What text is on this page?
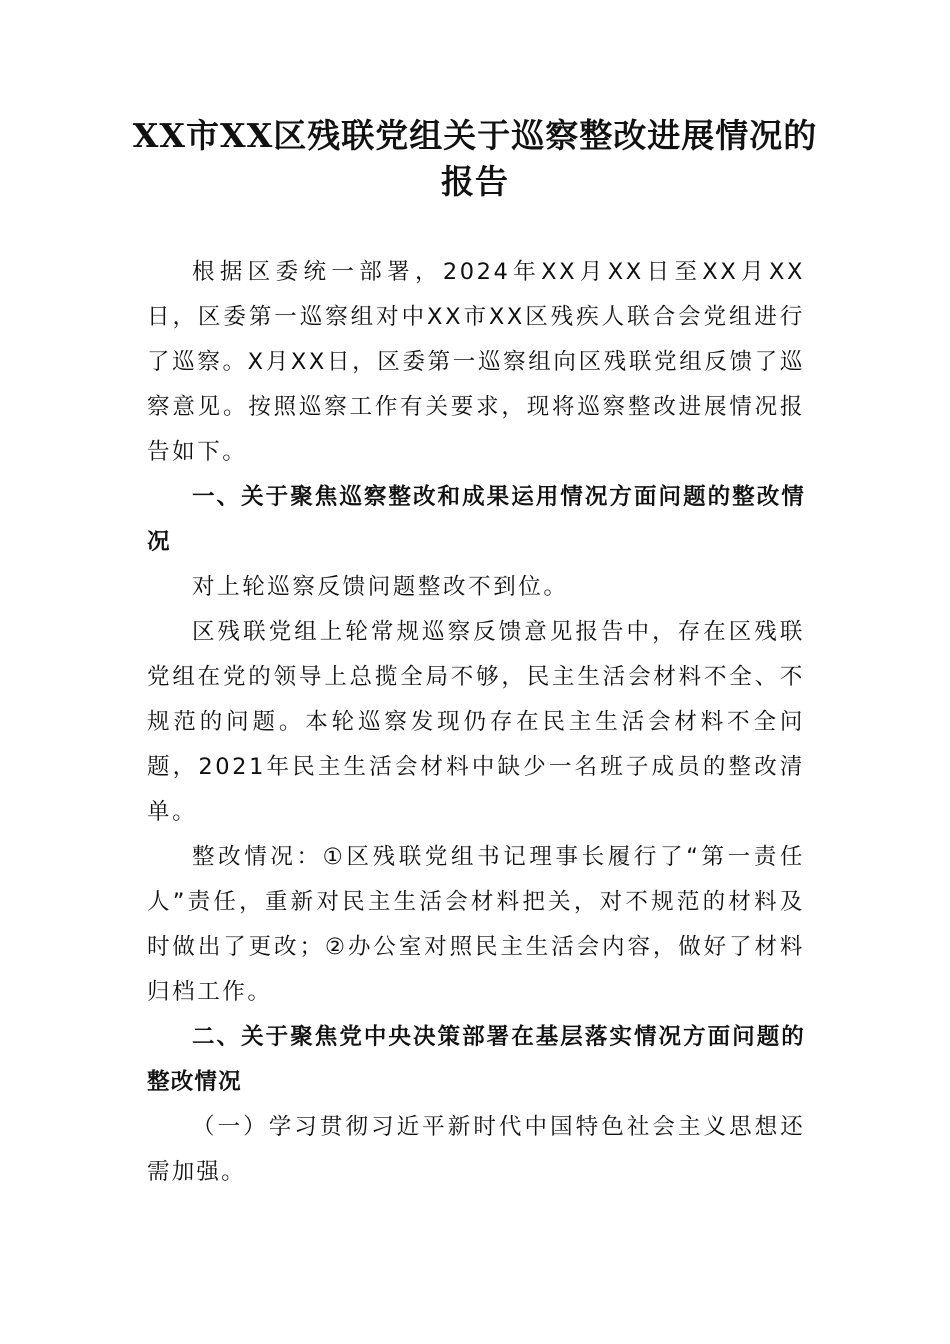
XX市XX区残联党组关于巡察整改进展情况的报告

根据区委统一部署，2024年XX月XX日至XX月XX日，区委第一巡察组对中XX市XX区残疾人联合会党组进行了巡察。X月XX日，区委第一巡察组向区残联党组反馈了巡察意见。按照巡察工作有关要求，现将巡察整改进展情况报告如下。

一、关于聚焦巡察整改和成果运用情况方面问题的整改情况

对上轮巡察反馈问题整改不到位。

区残联党组上轮常规巡察反馈意见报告中，存在区残联党组在党的领导上总揽全局不够，民主生活会材料不全、不规范的问题。本轮巡察发现仍存在民主生活会材料不全问题，2021年民主生活会材料中缺少一名班子成员的整改清单。

整改情况：①区残联党组书记理事长履行了“第一责任人”责任，重新对民主生活会材料把关，对不规范的材料及时做出了更改；②办公室对照民主生活会内容，做好了材料归档工作。

二、关于聚焦党中央决策部署在基层落实情况方面问题的整改情况

（一）学习贯彻习近平新时代中国特色社会主义思想还需加强。
